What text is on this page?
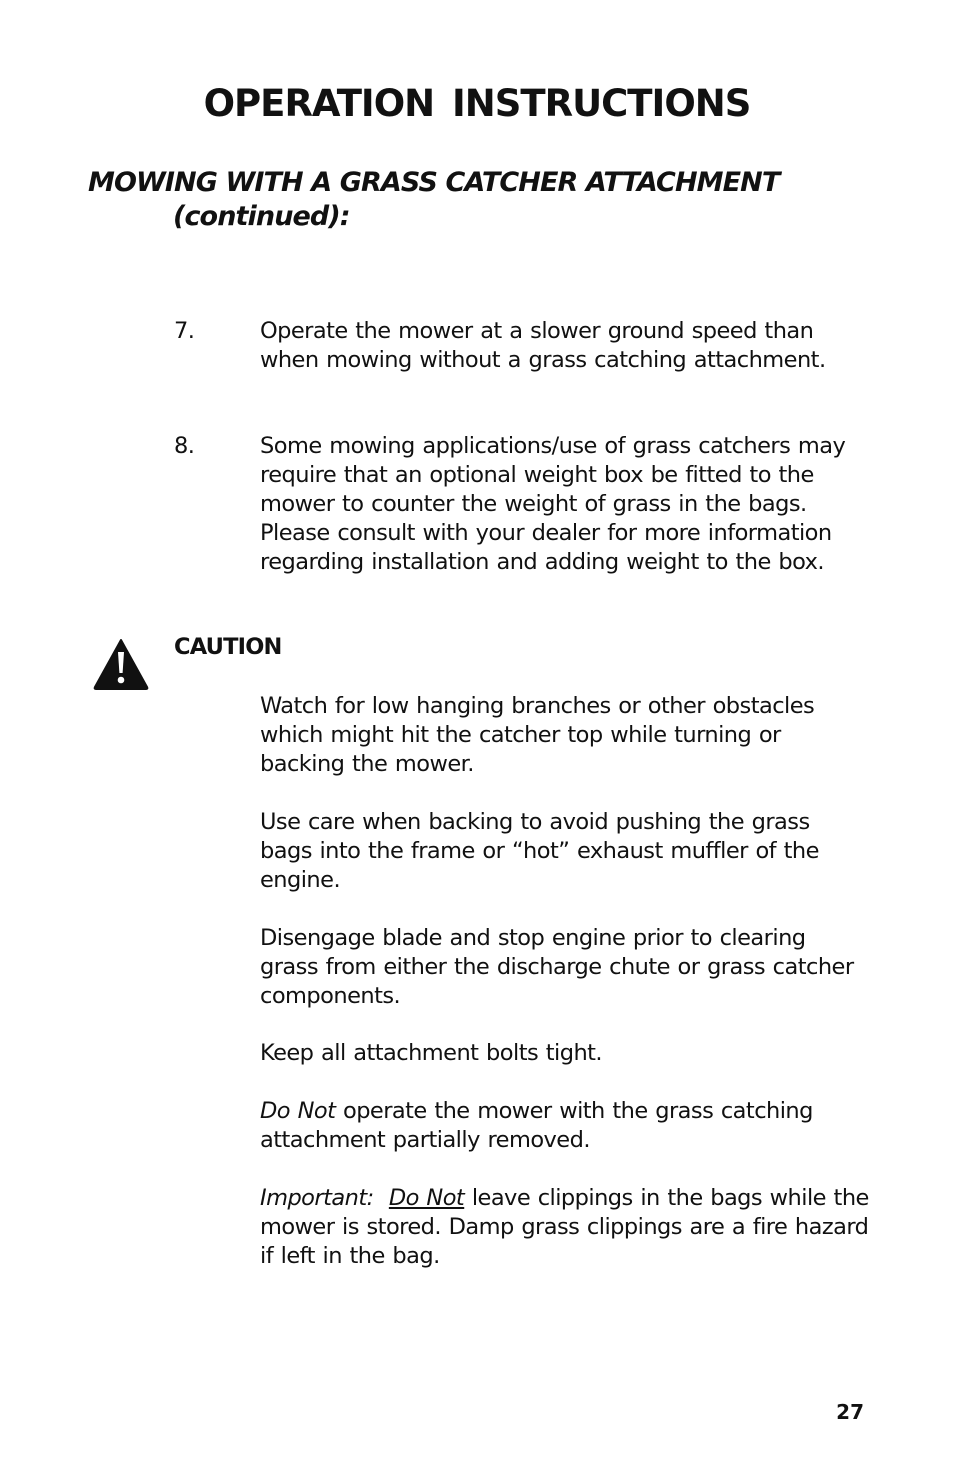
OPERATION INSTRUCTIONS
MOWING WITH A GRASS CATCHER ATTACHMENT
(continued):
7.	Operate the mower at a slower ground speed than when mowing without a grass catching attachment.
8.	Some mowing applications/use of grass catchers may require that an optional weight box be fitted to the mower to counter the weight of grass in the bags. Please consult with your dealer for more information regarding installation and adding weight to the box.
CAUTION
Watch for low hanging branches or other obstacles which might hit the catcher top while turning or backing the mower.
Use care when backing to avoid pushing the grass bags into the frame or “hot” exhaust muffler of the engine.
Disengage blade and stop engine prior to clearing grass from either the discharge chute or grass catcher components.
Keep all attachment bolts tight.
Do Not operate the mower with the grass catching attachment partially removed.
Important:  Do Not leave clippings in the bags while the mower is stored. Damp grass clippings are a fire hazard if left in the bag.
27
